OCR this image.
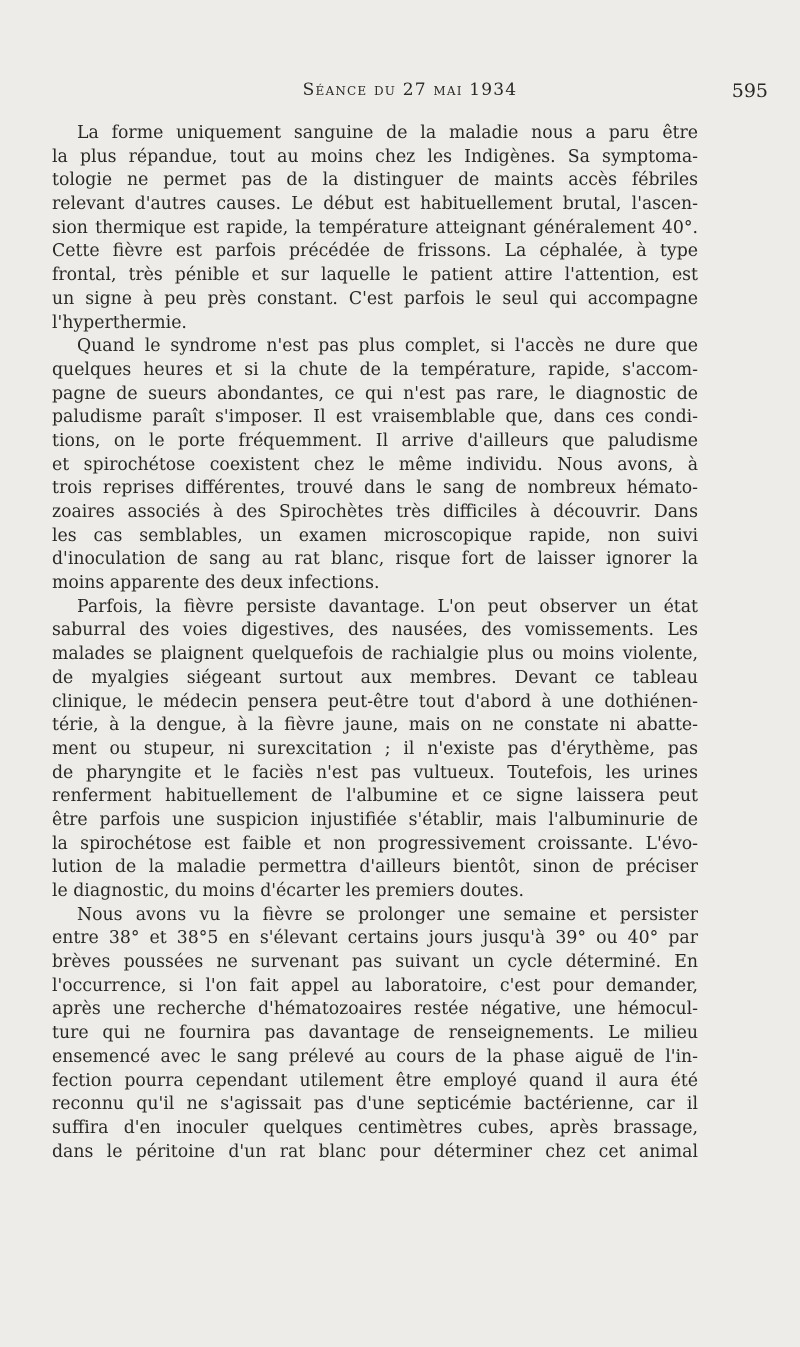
Séance du 27 mai 1934	595
La forme uniquement sanguine de la maladie nous a paru être
la plus répandue, tout au moins chez les Indigènes. Sa symptoma-
tologie ne permet pas de la distinguer de maints accès fébriles
relevant d'autres causes. Le début est habituellement brutal, l'ascen-
sion thermique est rapide, la température atteignant généralement 40°.
Cette fièvre est parfois précédée de frissons. La céphalée, à type
frontal, très pénible et sur laquelle le patient attire l'attention, est
un signe à peu près constant. C'est parfois le seul qui accompagne
l'hyperthermie.
Quand le syndrome n'est pas plus complet, si l'accès ne dure que
quelques heures et si la chute de la température, rapide, s'accom-
pagne de sueurs abondantes, ce qui n'est pas rare, le diagnostic de
paludisme paraît s'imposer. Il est vraisemblable que, dans ces condi-
tions, on le porte fréquemment. Il arrive d'ailleurs que paludisme
et spirochétose coexistent chez le même individu. Nous avons, à
trois reprises différentes, trouvé dans le sang de nombreux hémato-
zoaires associés à des Spirochètes très difficiles à découvrir. Dans
les cas semblables, un examen microscopique rapide, non suivi
d'inoculation de sang au rat blanc, risque fort de laisser ignorer la
moins apparente des deux infections.
Parfois, la fièvre persiste davantage. L'on peut observer un état
saburral des voies digestives, des nausées, des vomissements. Les
malades se plaignent quelquefois de rachialgie plus ou moins violente,
de myalgies siégeant surtout aux membres. Devant ce tableau
clinique, le médecin pensera peut-être tout d'abord à une dothiénen-
térie, à la dengue, à la fièvre jaune, mais on ne constate ni abatte-
ment ou stupeur, ni surexcitation ; il n'existe pas d'érythème, pas
de pharyngite et le faciès n'est pas vultueux. Toutefois, les urines
renferment habituellement de l'albumine et ce signe laissera peut
être parfois une suspicion injustifiée s'établir, mais l'albuminurie de
la spirochétose est faible et non progressivement croissante. L'évo-
lution de la maladie permettra d'ailleurs bientôt, sinon de préciser
le diagnostic, du moins d'écarter les premiers doutes.
Nous avons vu la fièvre se prolonger une semaine et persister
entre 38° et 38°5 en s'élevant certains jours jusqu'à 39° ou 40° par
brèves poussées ne survenant pas suivant un cycle déterminé. En
l'occurrence, si l'on fait appel au laboratoire, c'est pour demander,
après une recherche d'hématozoaires restée négative, une hémocul-
ture qui ne fournira pas davantage de renseignements. Le milieu
ensemencé avec le sang prélevé au cours de la phase aiguë de l'in-
fection pourra cependant utilement être employé quand il aura été
reconnu qu'il ne s'agissait pas d'une septicémie bactérienne, car il
suffira d'en inoculer quelques centimètres cubes, après brassage,
dans le péritoine d'un rat blanc pour déterminer chez cet animal
